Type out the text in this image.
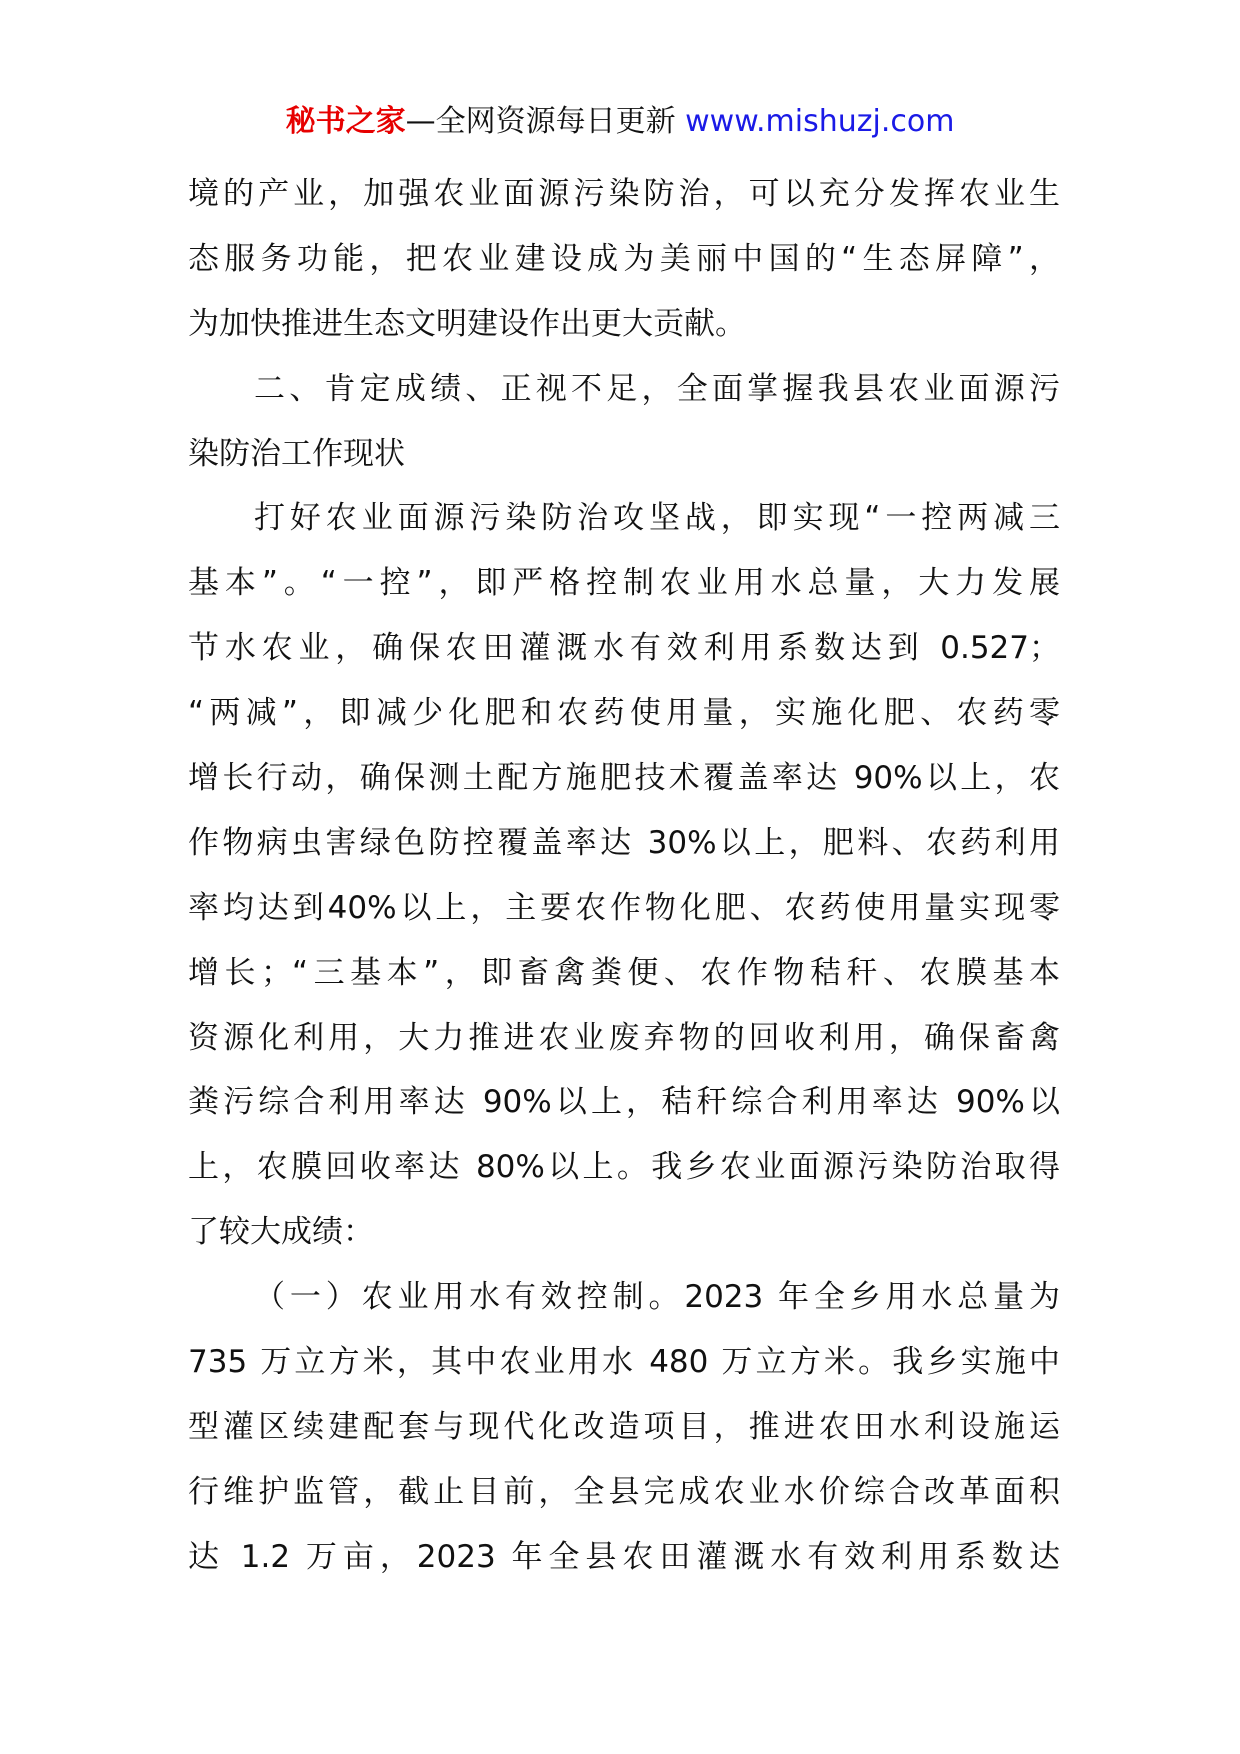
秘书之家—全网资源每日更新 www.mishuzj.com
境的产业，加强农业面源污染防治，可以充分发挥农业生
态服务功能，把农业建设成为美丽中国的“生态屏障”，
为加快推进生态文明建设作出更大贡献。
二、肯定成绩、正视不足，全面掌握我县农业面源污
染防治工作现状
打好农业面源污染防治攻坚战，即实现“一控两减三
基本”。“一控”，即严格控制农业用水总量，大力发展
节水农业，确保农田灌溉水有效利用系数达到 0.527；
“两减”，即减少化肥和农药使用量，实施化肥、农药零
增长行动，确保测土配方施肥技术覆盖率达 90%以上，农
作物病虫害绿色防控覆盖率达 30%以上，肥料、农药利用
率均达到40%以上，主要农作物化肥、农药使用量实现零
增长；“三基本”，即畜禽粪便、农作物秸秆、农膜基本
资源化利用，大力推进农业废弃物的回收利用，确保畜禽
粪污综合利用率达 90%以上，秸秆综合利用率达 90%以
上，农膜回收率达 80%以上。我乡农业面源污染防治取得
了较大成绩：
（一）农业用水有效控制。2023 年全乡用水总量为
735 万立方米，其中农业用水 480 万立方米。我乡实施中
型灌区续建配套与现代化改造项目，推进农田水利设施运
行维护监管，截止目前，全县完成农业水价综合改革面积
达 1.2 万亩，2023 年全县农田灌溉水有效利用系数达
